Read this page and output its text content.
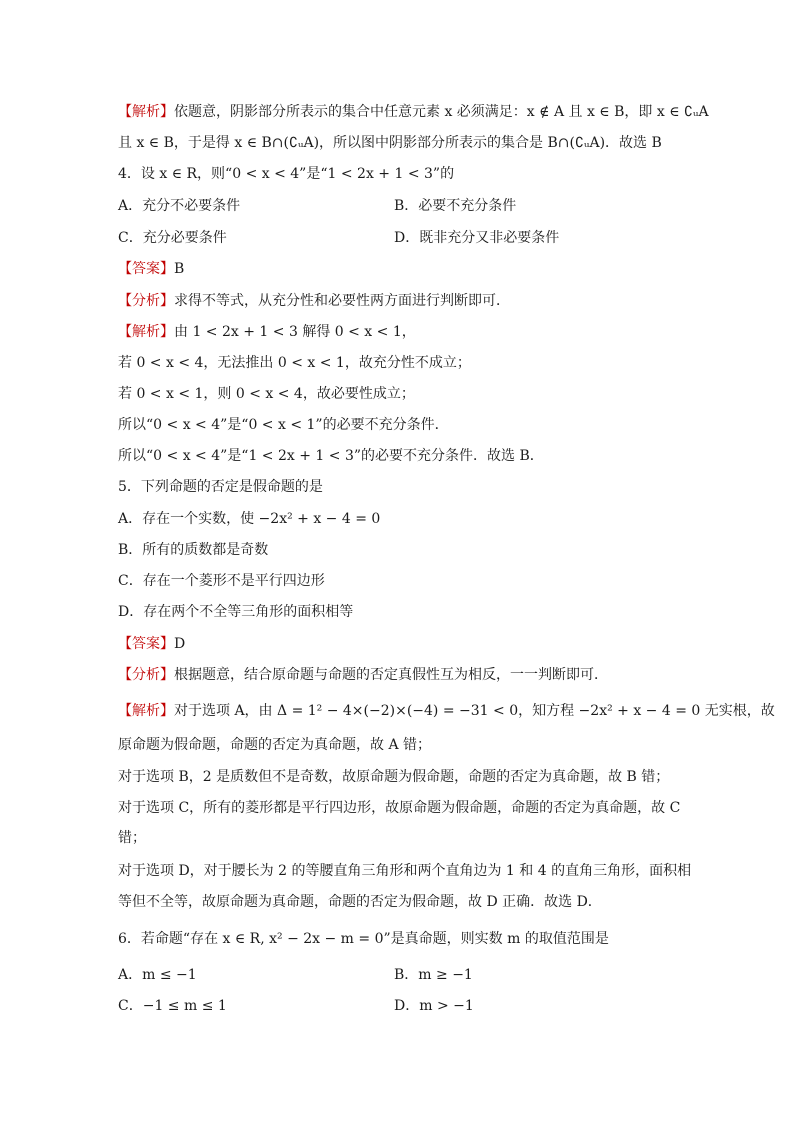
【解析】依题意，阴影部分所表示的集合中任意元素 x 必须满足：x ∉ A 且 x ∈ B，即 x ∈ ∁ᵤA
且 x ∈ B，于是得 x ∈ B∩(∁ᵤA)，所以图中阴影部分所表示的集合是 B∩(∁ᵤA)．故选 B
4．设 x ∈ R，则“0 < x < 4”是“1 < 2x + 1 < 3”的
A．充分不必要条件	B．必要不充分条件
C．充分必要条件	D．既非充分又非必要条件
【答案】B
【分析】求得不等式，从充分性和必要性两方面进行判断即可．
【解析】由 1 < 2x + 1 < 3 解得 0 < x < 1，
若 0 < x < 4，无法推出 0 < x < 1，故充分性不成立；
若 0 < x < 1，则 0 < x < 4，故必要性成立；
所以“0 < x < 4”是“0 < x < 1”的必要不充分条件．
所以“0 < x < 4”是“1 < 2x + 1 < 3”的必要不充分条件．故选 B．
5．下列命题的否定是假命题的是
A．存在一个实数，使 −2x² + x − 4 = 0
B．所有的质数都是奇数
C．存在一个菱形不是平行四边形
D．存在两个不全等三角形的面积相等
【答案】D
【分析】根据题意，结合原命题与命题的否定真假性互为相反，一一判断即可．
【解析】对于选项 A，由 Δ = 1² − 4×(−2)×(−4) = −31 < 0，知方程 −2x² + x − 4 = 0 无实根，故
原命题为假命题，命题的否定为真命题，故 A 错；
对于选项 B，2 是质数但不是奇数，故原命题为假命题，命题的否定为真命题，故 B 错；
对于选项 C，所有的菱形都是平行四边形，故原命题为假命题，命题的否定为真命题，故 C
错；
对于选项 D，对于腰长为 2 的等腰直角三角形和两个直角边为 1 和 4 的直角三角形，面积相
等但不全等，故原命题为真命题，命题的否定为假命题，故 D 正确．故选 D．
6．若命题“存在 x ∈ R, x² − 2x − m = 0”是真命题，则实数 m 的取值范围是
A．m ≤ −1	B．m ≥ −1
C．−1 ≤ m ≤ 1	D．m > −1
